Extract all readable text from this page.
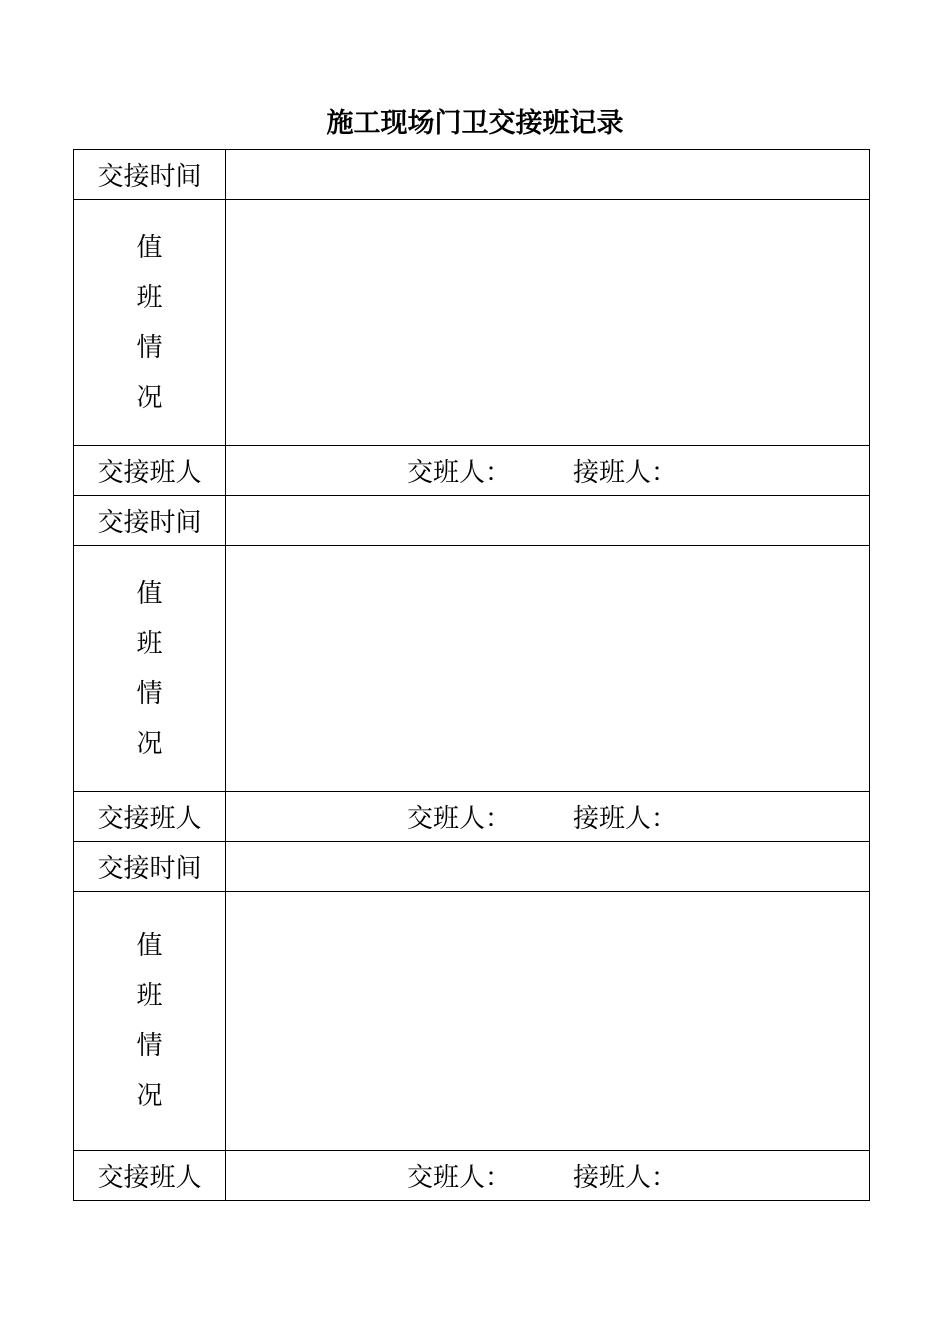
施工现场门卫交接班记录
交接时间	

值
班
情
况	

交接班人	交班人： 接班人：

交接时间	

值
班
情
况	

交接班人	交班人： 接班人：

交接时间	

值
班
情
况	

交接班人	交班人： 接班人：
